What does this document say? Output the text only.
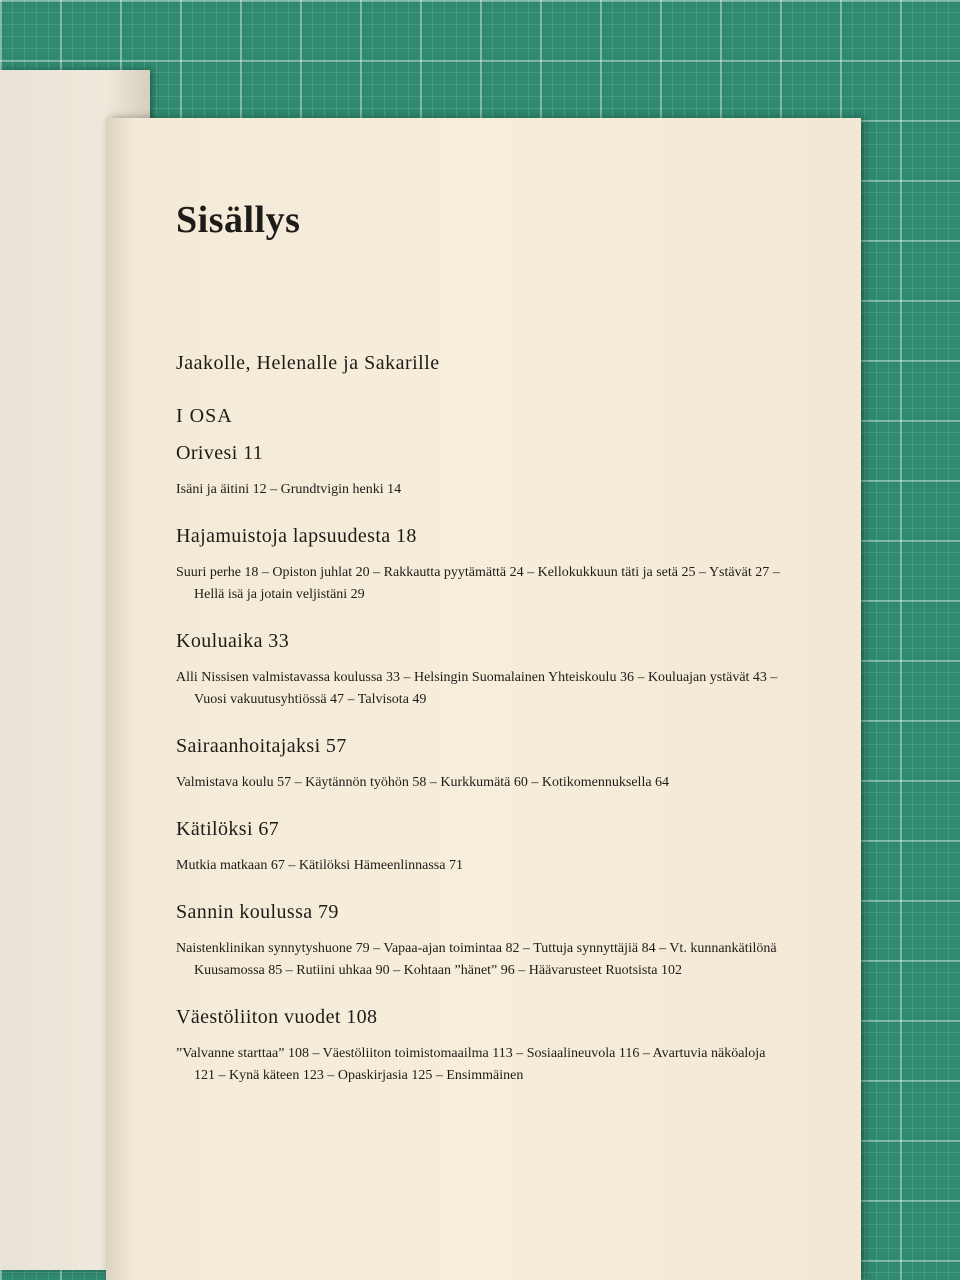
Sisällys
Jaakolle, Helenalle ja Sakarille
I OSA
Orivesi 11
Isäni ja äitini 12 – Grundtvigin henki 14
Hajamuistoja lapsuudesta 18
Suuri perhe 18 – Opiston juhlat 20 – Rakkautta pyytämättä 24 – Kellokukkuun täti ja setä 25 – Ystävät 27 – Hellä isä ja jotain veljistäni 29
Kouluaika 33
Alli Nissisen valmistavassa koulussa 33 – Helsingin Suomalainen Yhteiskoulu 36 – Kouluajan ystävät 43 – Vuosi vakuutusyhtiössä 47 – Talvisota 49
Sairaanhoitajaksi 57
Valmistava koulu 57 – Käytännön työhön 58 – Kurkkumätä 60 – Kotikomennuksella 64
Kätilöksi 67
Mutkia matkaan 67 – Kätilöksi Hämeenlinnassa 71
Sannin koulussa 79
Naistenklinikan synnytyshuone 79 – Vapaa-ajan toimintaa 82 – Tuttuja synnyttäjiä 84 – Vt. kunnankätilönä Kuusamossa 85 – Rutiini uhkaa 90 – Kohtaan ”hänet” 96 – Häävarusteet Ruotsista 102
Väestöliiton vuodet 108
”Valvanne starttaa” 108 – Väestöliiton toimistomaailma 113 – Sosiaalineuvola 116 – Avartuvia näköaloja 121 – Kynä käteen 123 – Opaskirjasia 125 – Ensimmäinen
